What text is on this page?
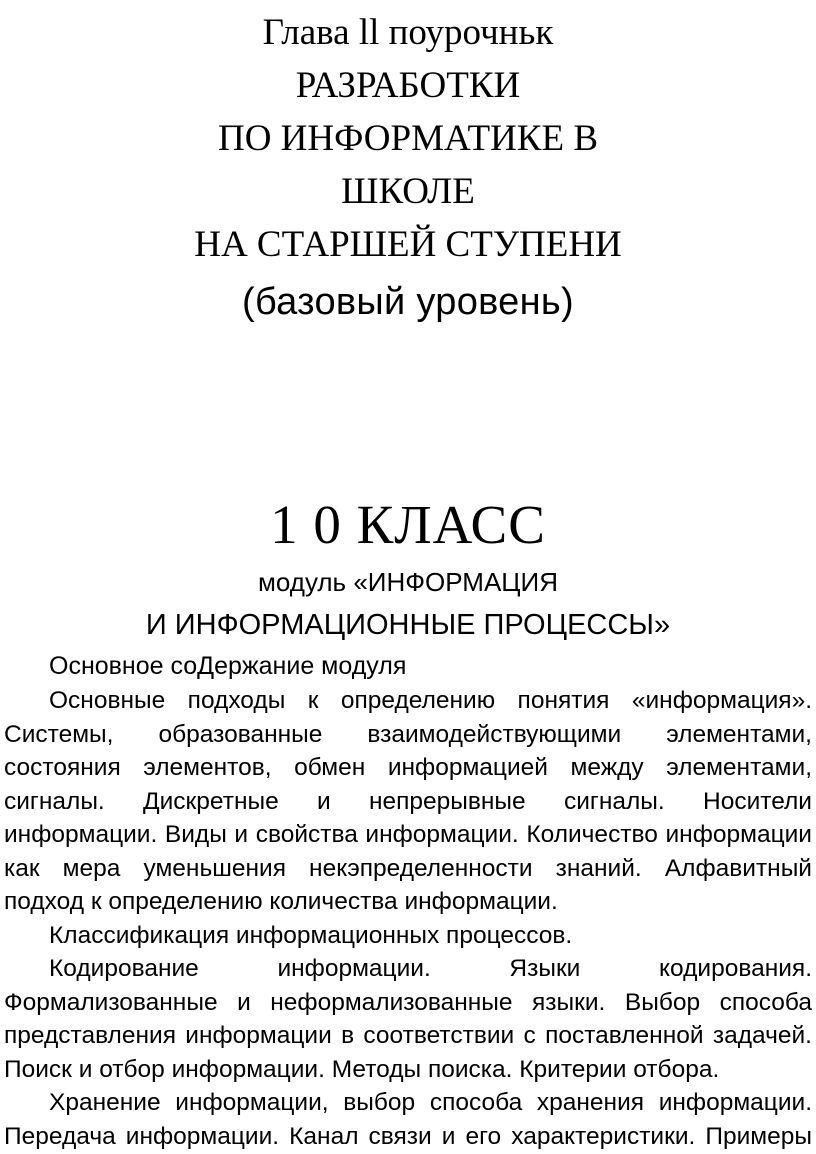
Глава ll поурочньк
РАЗРАБОТКИ
ПО ИНФОРМАТИКЕ В
ШКОЛЕ
НА СТАРШЕЙ СТУПЕНИ
(базовый уровень)
1 0 КЛАСС
модуль «ИНФОРМАЦИЯ
И ИНФОРМАЦИОННЫЕ ПРОЦЕССЫ»
Основное соДержание модуля

Основные подходы к определению понятия «информация». Системы, образованные взаимодействующими элементами, состояния элементов, обмен информацией между элементами, сигналы. Дискретные и непрерывные сигналы. Носители информации. Виды и свойства информации. Количество информации как мера уменьшения некэпределенности знаний. Алфавитный подход к определению количества информации.

Классификация информационных процессов.

Кодирование информации. Языки кодирования. Формализованные и неформализованные языки. Выбор способа представления информации в соответствии с поставленной задачей. Поиск и отбор информации. Методы поиска. Критерии отбора.

Хранение информации, выбор способа хранения информации. Передача информации. Канал связи и его характеристики. Примеры
